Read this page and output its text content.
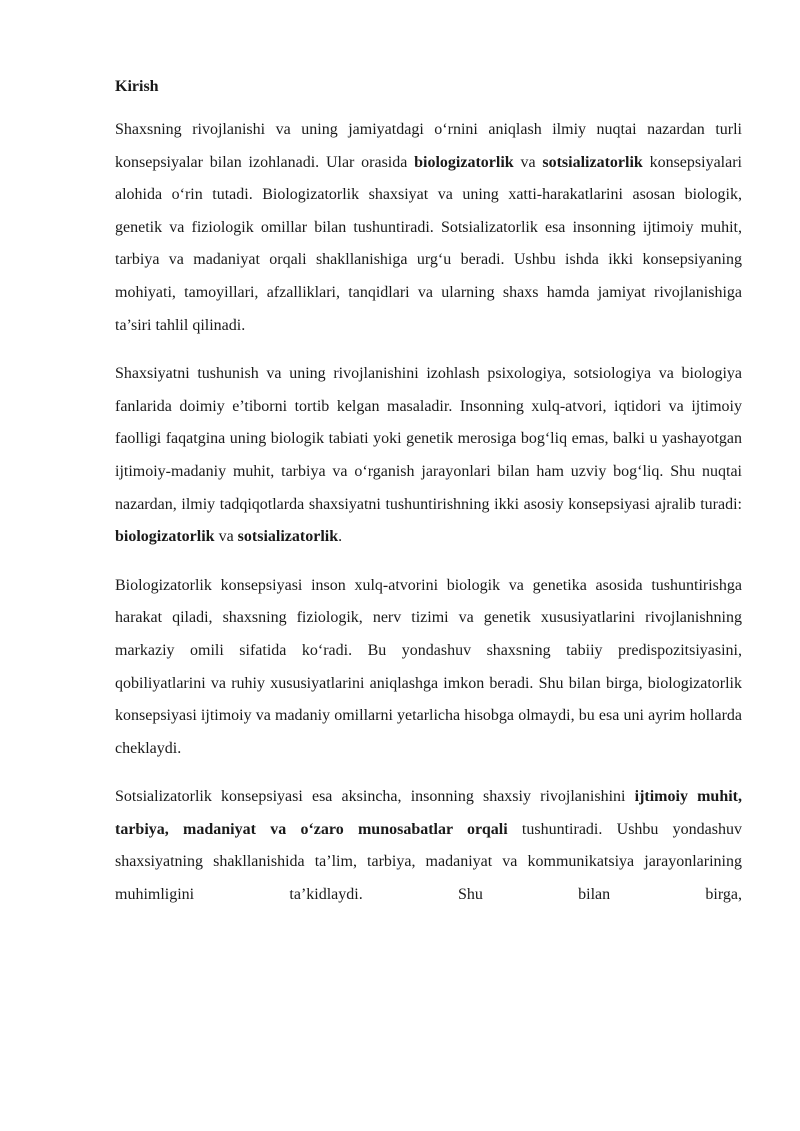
Kirish

Shaxsning rivojlanishi va uning jamiyatdagi o‘rnini aniqlash ilmiy nuqtai nazardan turli konsepsiyalar bilan izohlanadi. Ular orasida biologizatorlik va sotsializatorlik konsepsiyalari alohida o‘rin tutadi. Biologizatorlik shaxsiyat va uning xatti-harakatlarini asosan biologik, genetik va fiziologik omillar bilan tushuntiradi. Sotsializatorlik esa insonning ijtimoiy muhit, tarbiya va madaniyat orqali shakllanishiga urg‘u beradi. Ushbu ishda ikki konsepsiyaning mohiyati, tamoyillari, afzalliklari, tanqidlari va ularning shaxs hamda jamiyat rivojlanishiga ta’siri tahlil qilinadi.

Shaxsiyatni tushunish va uning rivojlanishini izohlash psixologiya, sotsiologiya va biologiya fanlarida doimiy e’tiborni tortib kelgan masaladir. Insonning xulq-atvori, iqtidori va ijtimoiy faolligi faqatgina uning biologik tabiati yoki genetik merosiga bog‘liq emas, balki u yashayotgan ijtimoiy-madaniy muhit, tarbiya va o‘rganish jarayonlari bilan ham uzviy bog‘liq. Shu nuqtai nazardan, ilmiy tadqiqotlarda shaxsiyatni tushuntirishning ikki asosiy konsepsiyasi ajralib turadi: biologizatorlik va sotsializatorlik.

Biologizatorlik konsepsiyasi inson xulq-atvorini biologik va genetika asosida tushuntirishga harakat qiladi, shaxsning fiziologik, nerv tizimi va genetik xususiyatlarini rivojlanishning markaziy omili sifatida ko‘radi. Bu yondashuv shaxsning tabiiy predispozitsiyasini, qobiliyatlarini va ruhiy xususiyatlarini aniqlashga imkon beradi. Shu bilan birga, biologizatorlik konsepsiyasi ijtimoiy va madaniy omillarni yetarlicha hisobga olmaydi, bu esa uni ayrim hollarda cheklaydi.

Sotsializatorlik konsepsiyasi esa aksincha, insonning shaxsiy rivojlanishini ijtimoiy muhit, tarbiya, madaniyat va o‘zaro munosabatlar orqali tushuntiradi. Ushbu yondashuv shaxsiyatning shakllanishida ta’lim, tarbiya, madaniyat va kommunikatsiya jarayonlarining muhimligini ta’kidlaydi. Shu bilan birga,
